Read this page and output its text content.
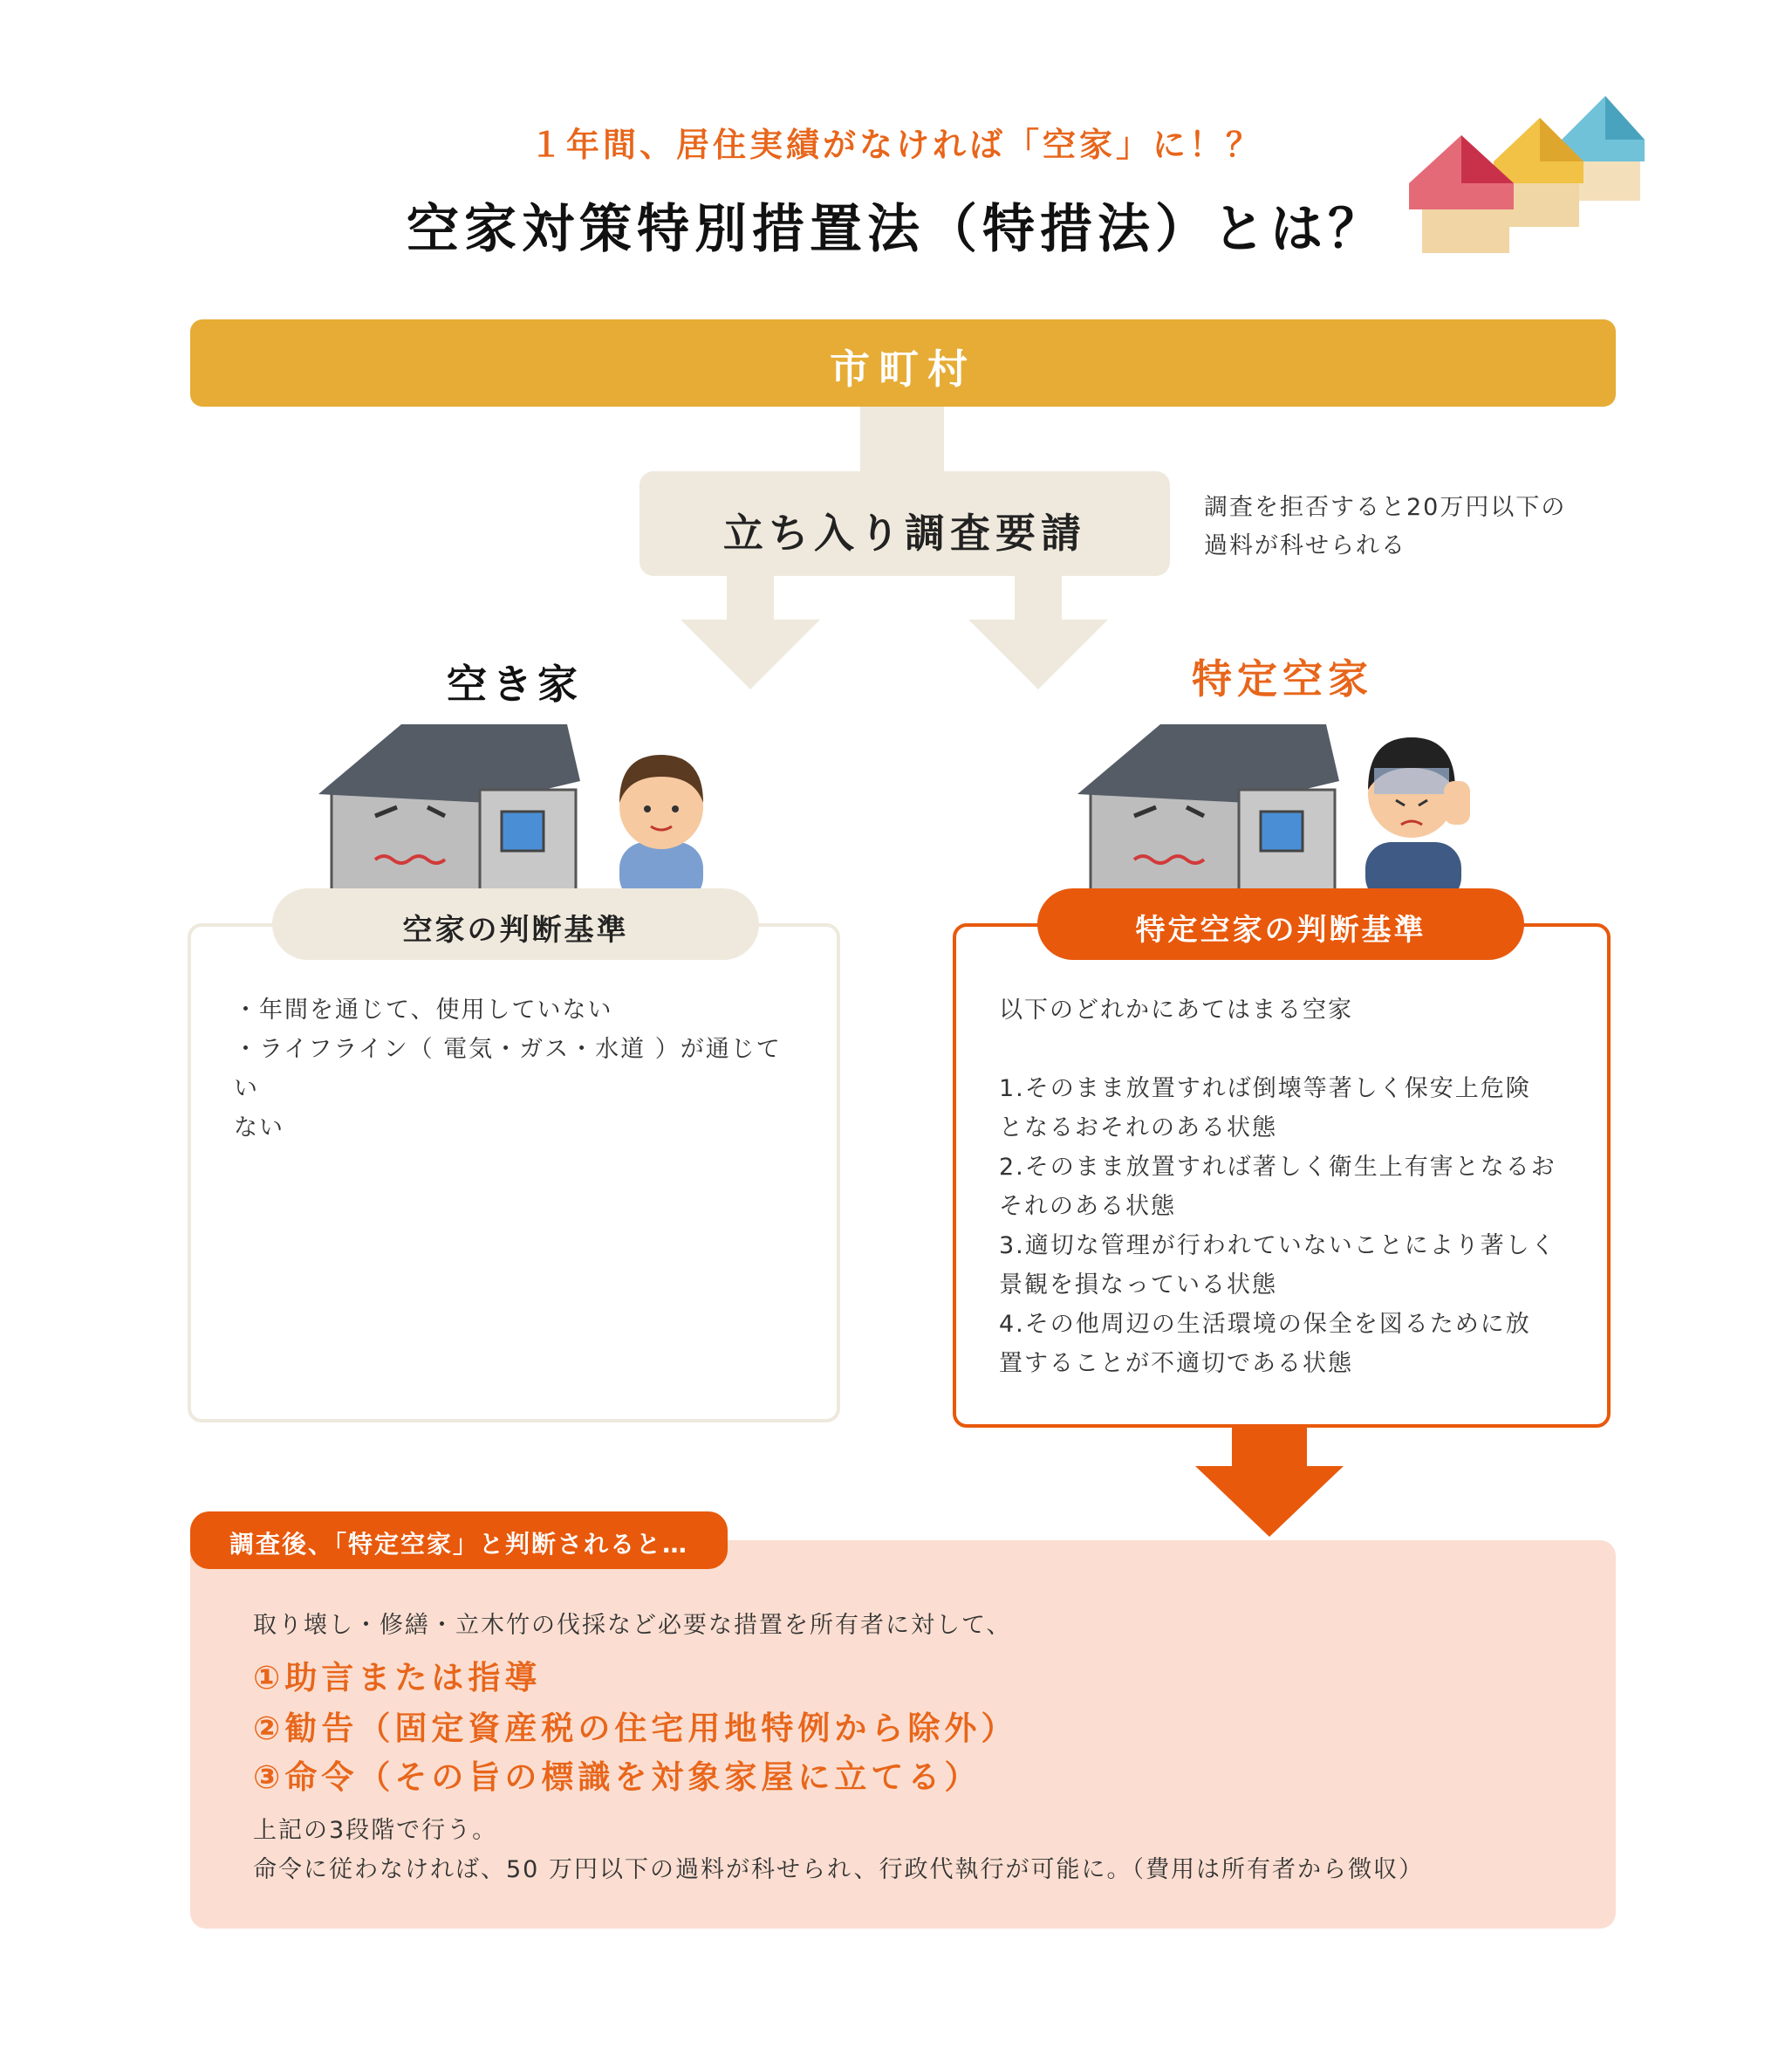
１年間、居住実績がなければ「空家」に！？
空家対策特別措置法（特措法）とは？
市町村
立ち入り調査要請
調査を拒否すると20万円以下の
過料が科せられる
空き家	特定空家
空家の判断基準
・年間を通じて、使用していない
・ライフライン（ 電気・ガス・水道 ）が通じてい
ない
特定空家の判断基準
以下のどれかにあてはまる空家
1.そのまま放置すれば倒壊等著しく保安上危険
となるおそれのある状態
2.そのまま放置すれば著しく衛生上有害となるお
それのある状態
3.適切な管理が行われていないことにより著しく
景観を損なっている状態
4.その他周辺の生活環境の保全を図るために放
置することが不適切である状態
調査後、「特定空家」と判断されると…
取り壊し・修繕・立木竹の伐採など必要な措置を所有者に対して、
①助言または指導
②勧告（固定資産税の住宅用地特例から除外）
③命令（その旨の標識を対象家屋に立てる）
上記の3段階で行う。
命令に従わなければ、50 万円以下の過料が科せられ、行政代執行が可能に。（費用は所有者から徴収）
